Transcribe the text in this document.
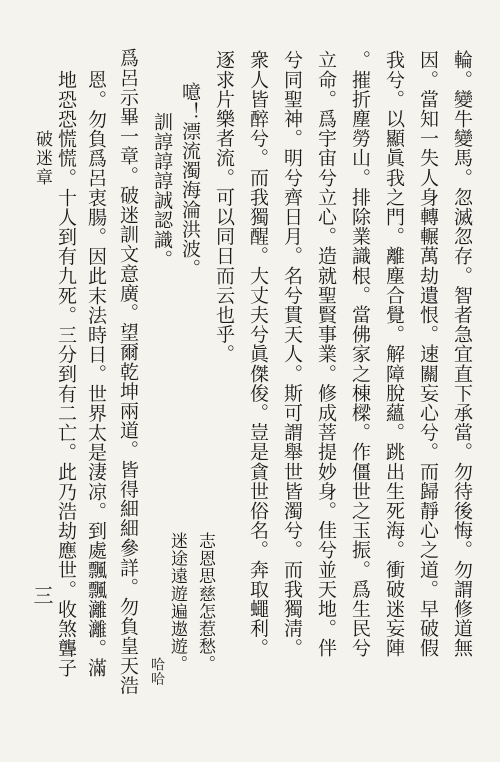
破迷章
三	輪。變牛變馬。忽滅忽存。智者急宜直下承當。勿待後悔。勿謂修道無
因。當知一失人身轉輾萬劫遺恨。速關妄心兮。而歸靜心之道。早破假
我兮。以顯眞我之門。離塵合覺。解障脫蘊。跳出生死海。衝破迷妄陣
。摧折塵勞山。排除業識根。當佛家之棟樑。作僵世之玉振。爲生民兮
立命。爲宇宙兮立心。造就聖賢事業。修成菩提妙身。佳兮並天地。伴
兮同聖神。明兮齊日月。名兮貫天人。斯可謂舉世皆濁兮。而我獨淸。
衆人皆醉兮。而我獨醒。大丈夫兮眞傑俊。豈是貪世俗名。奔取蠅利。
逐求片樂者流。可以同日而云也乎。
噫！漂流濁海淪洪波。
訓諄諄諄誠認識。
志恩思慈怎惹愁。
迷途遠遊遍遨遊。
哈哈
爲呂示畢一章。破迷訓文意廣。望爾乾坤兩道。皆得細細參詳。勿負皇天浩
恩。勿負爲呂衷腸。因此末法時日。世界太是淒凉。到處飄飄灕灕。滿
地恐恐慌慌。十人到有九死。三分到有二亡。此乃浩劫應世。收煞聾子
